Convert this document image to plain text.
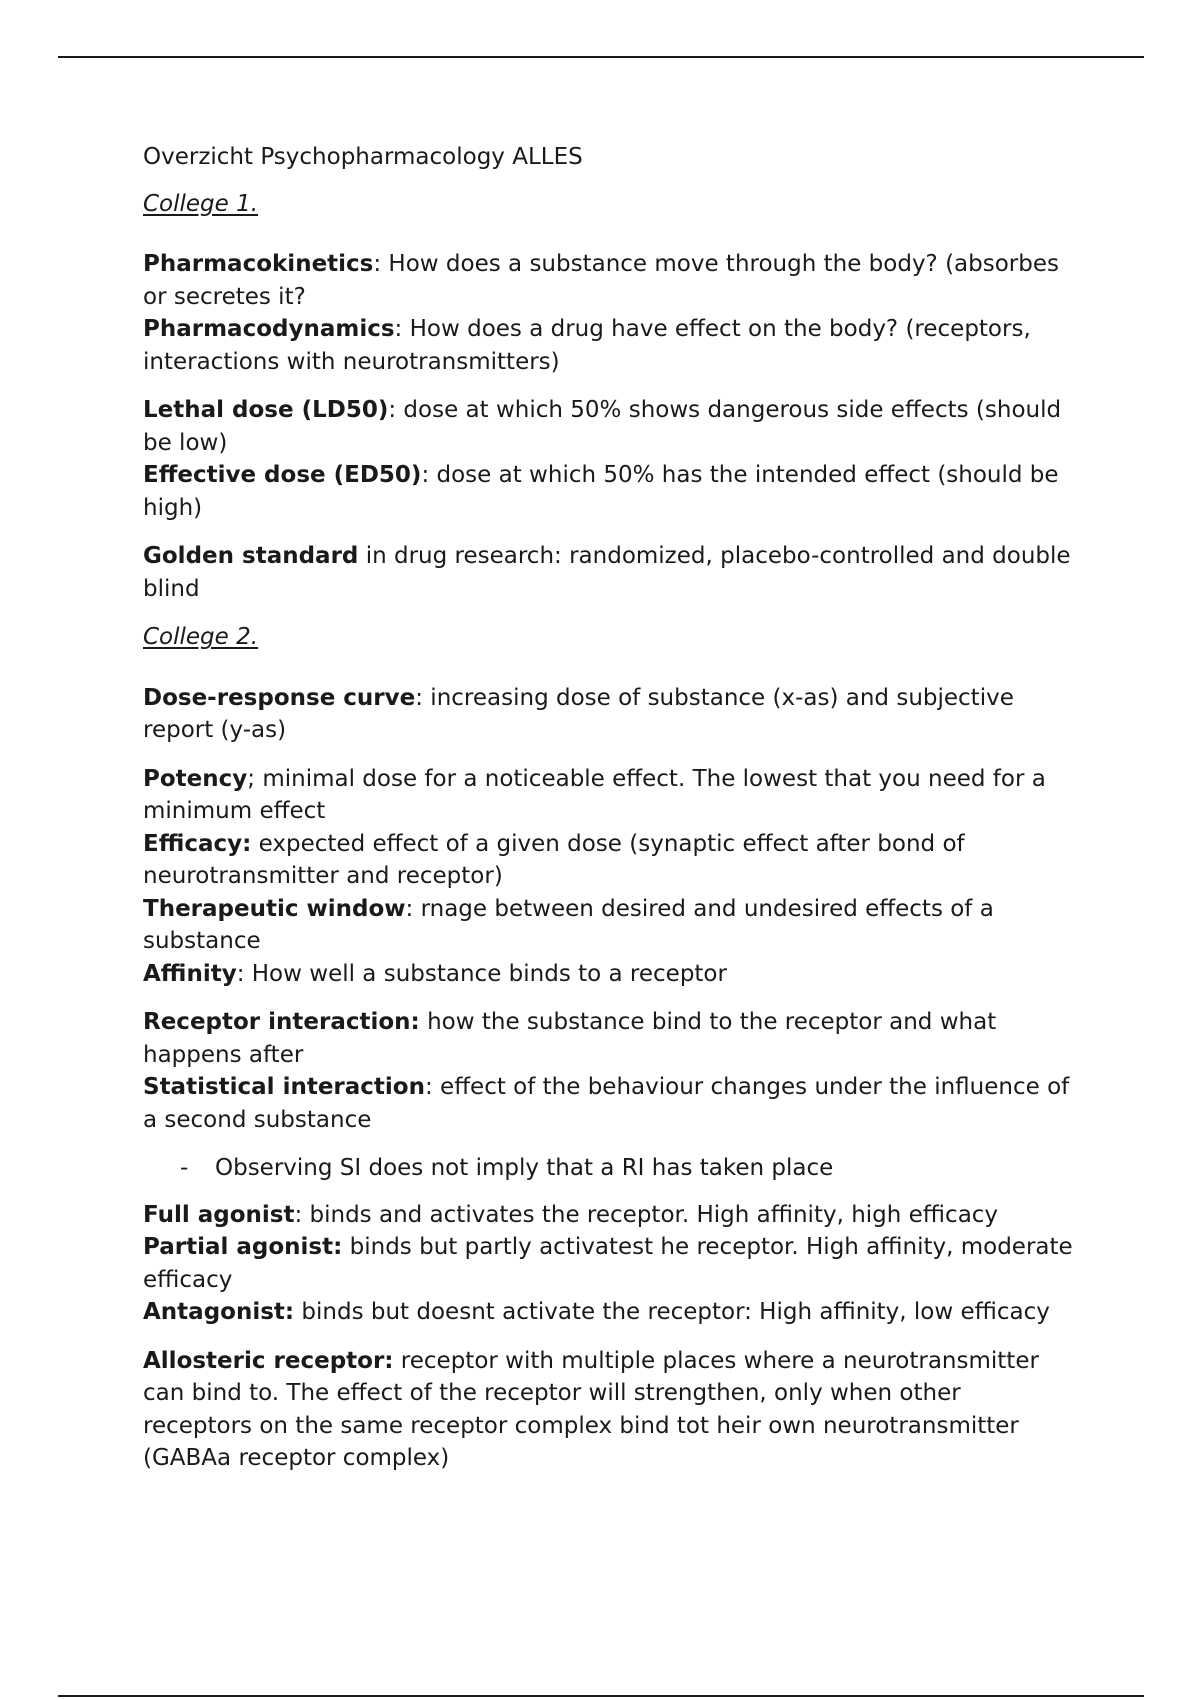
Overzicht Psychopharmacology ALLES
College 1.
Pharmacokinetics: How does a substance move through the body? (absorbes or secretes it?
Pharmacodynamics: How does a drug have effect on the body? (receptors, interactions with neurotransmitters)
Lethal dose (LD50): dose at which 50% shows dangerous side effects (should be low)
Effective dose (ED50): dose at which 50% has the intended effect (should be high)
Golden standard in drug research: randomized, placebo-controlled and double blind
College 2.
Dose-response curve: increasing dose of substance (x-as) and subjective report (y-as)
Potency; minimal dose for a noticeable effect. The lowest that you need for a minimum effect
Efficacy: expected effect of a given dose (synaptic effect after bond of neurotransmitter and receptor)
Therapeutic window: rnage between desired and undesired effects of a substance
Affinity: How well a substance binds to a receptor
Receptor interaction: how the substance bind to the receptor and what happens after
Statistical interaction: effect of the behaviour changes under the influence of a second substance
- Observing SI does not imply that a RI has taken place
Full agonist: binds and activates the receptor. High affinity, high efficacy
Partial agonist: binds but partly activatest he receptor. High affinity, moderate efficacy
Antagonist: binds but doesnt activate the receptor: High affinity, low efficacy
Allosteric receptor: receptor with multiple places where a neurotransmitter can bind to. The effect of the receptor will strengthen, only when other receptors on the same receptor complex bind tot heir own neurotransmitter (GABAa receptor complex)
